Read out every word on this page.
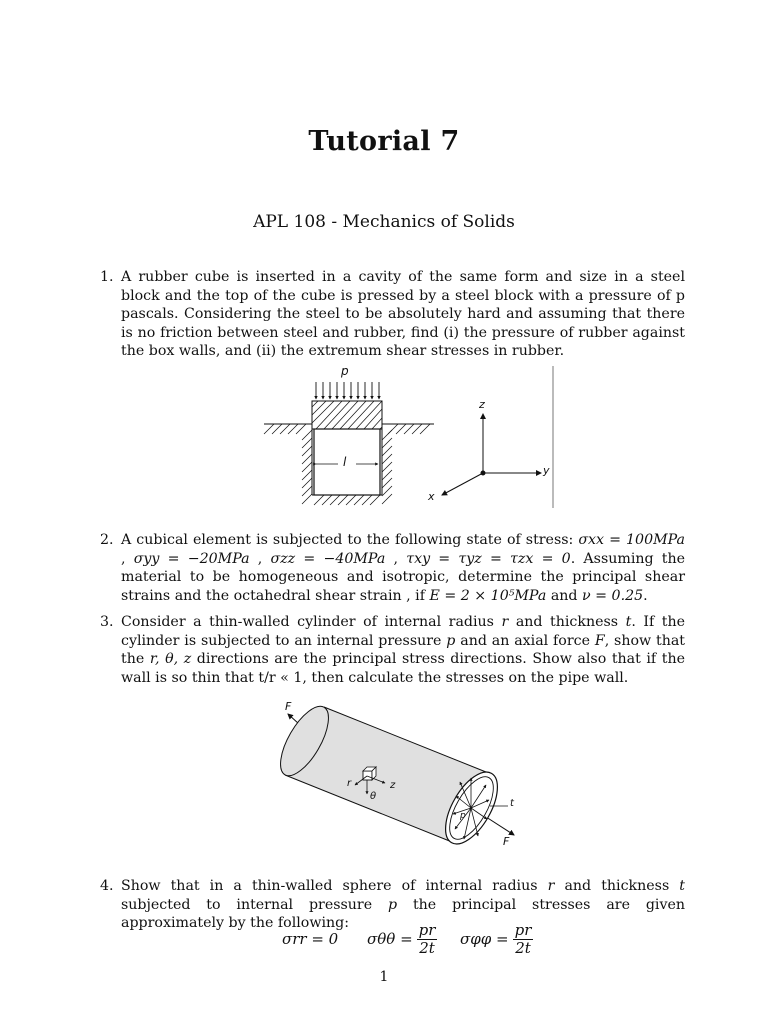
Tutorial 7
APL 108 - Mechanics of Solids
1. A rubber cube is inserted in a cavity of the same form and size in a steel block and the top of the cube is pressed by a steel block with a pressure of p pascals. Considering the steel to be absolutely hard and assuming that there is no friction between steel and rubber, find (i) the pressure of rubber against the box walls, and (ii) the extremum shear stresses in rubber.
p
l
z
y
x
2. A cubical element is subjected to the following state of stress: σxx = 100MPa , σyy = −20MPa , σzz = −40MPa , τxy = τyz = τzx = 0. Assuming the material to be homogeneous and isotropic, determine the principal shear strains and the octahedral shear strain , if E = 2 × 10⁵MPa and ν = 0.25.
3. Consider a thin-walled cylinder of internal radius r and thickness t. If the cylinder is subjected to an internal pressure p and an axial force F, show that the r, θ, z directions are the principal stress directions. Show also that if the wall is so thin that t/r « 1, then calculate the stresses on the pipe wall.
F
F
r	z
θ
t
p
4. Show that in a thin-walled sphere of internal radius r and thickness t subjected to internal pressure p the principal stresses are given approximately by the following:
σrr = 0 $\sigma\theta\theta = \frac{pr}{2t}$ $\sigma\varphi\varphi = \frac{pr}{2t}$
1
